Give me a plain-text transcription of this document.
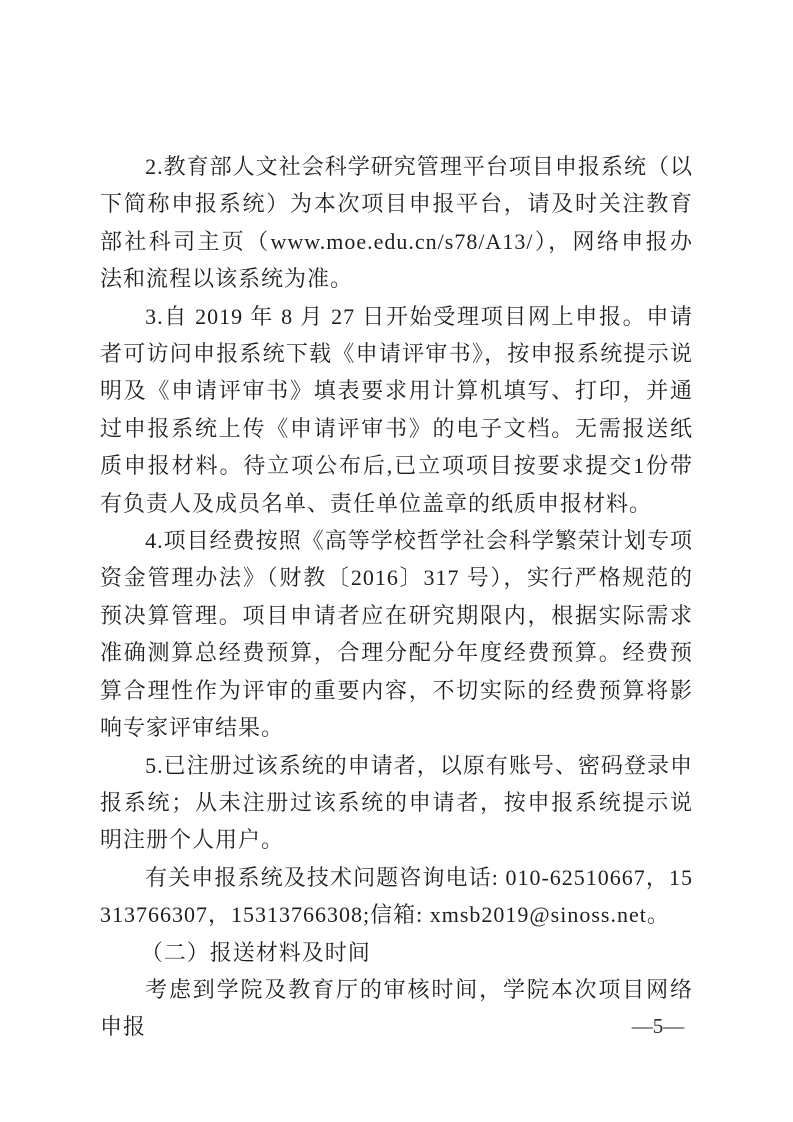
2.教育部人文社会科学研究管理平台项目申报系统（以下简称申报系统）为本次项目申报平台，请及时关注教育部社科司主页（www.moe.edu.cn/s78/A13/），网络申报办法和流程以该系统为准。

3.自 2019 年 8 月 27 日开始受理项目网上申报。申请者可访问申报系统下载《申请评审书》，按申报系统提示说明及《申请评审书》填表要求用计算机填写、打印，并通过申报系统上传《申请评审书》的电子文档。无需报送纸质申报材料。待立项公布后,已立项项目按要求提交1份带有负责人及成员名单、责任单位盖章的纸质申报材料。

4.项目经费按照《高等学校哲学社会科学繁荣计划专项资金管理办法》（财教〔2016〕317 号），实行严格规范的预决算管理。项目申请者应在研究期限内，根据实际需求准确测算总经费预算，合理分配分年度经费预算。经费预算合理性作为评审的重要内容，不切实际的经费预算将影响专家评审结果。

5.已注册过该系统的申请者，以原有账号、密码登录申报系统；从未注册过该系统的申请者，按申报系统提示说明注册个人用户。

有关申报系统及技术问题咨询电话: 010-62510667，15313766307，15313766308;信箱: xmsb2019@sinoss.net。

（二）报送材料及时间

考虑到学院及教育厅的审核时间，学院本次项目网络申报	—5—
